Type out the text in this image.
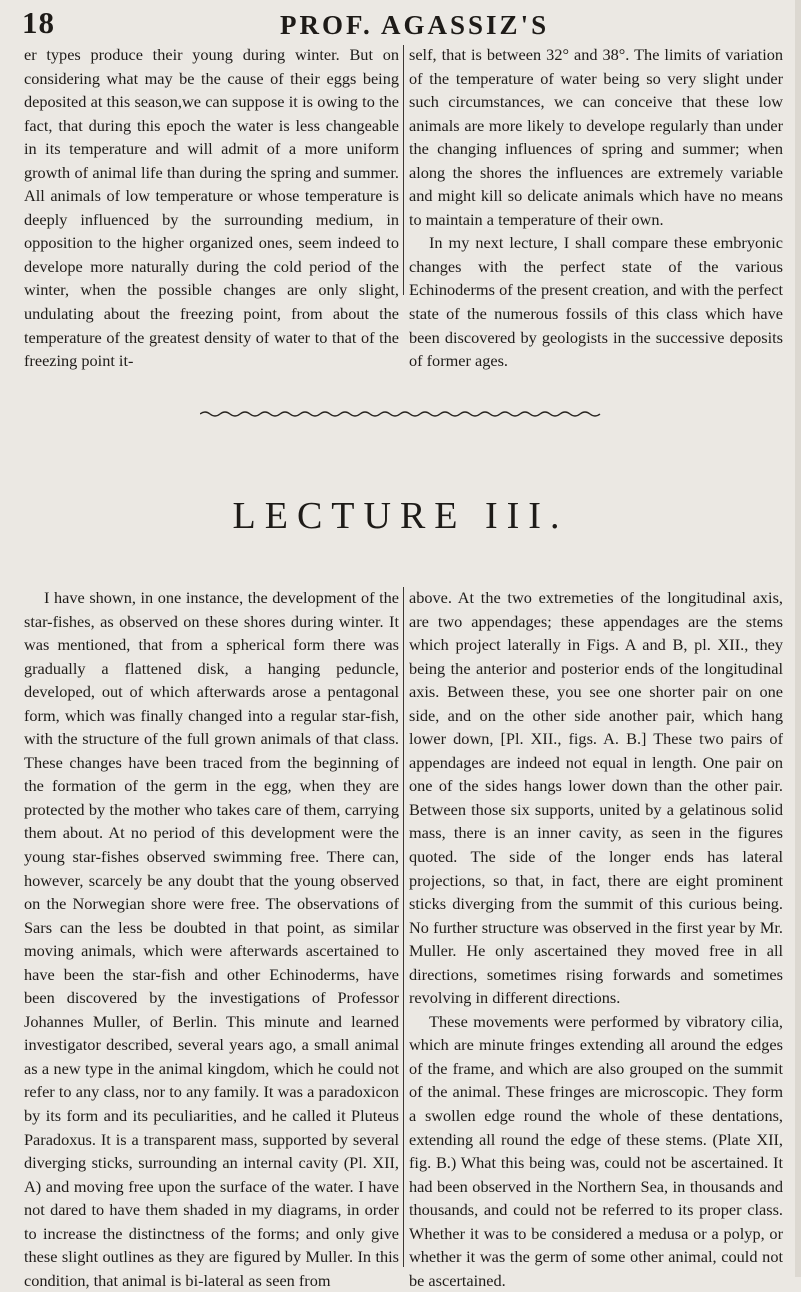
18	PROF. AGASSIZ'S

er types produce their young during winter. But on considering what may be the cause of their eggs being deposited at this season,we can suppose it is owing to the fact, that during this epoch the water is less changeable in its temperature and will admit of a more uniform growth of animal life than during the spring and summer. All animals of low temperature or whose temperature is deeply influenced by the surrounding medium, in opposition to the higher organized ones, seem indeed to develope more naturally during the cold period of the winter, when the possible changes are only slight, undulating about the freezing point, from about the temperature of the greatest density of water to that of the freezing point it-

self, that is between 32° and 38°. The limits of variation of the temperature of water being so very slight under such circumstances, we can conceive that these low animals are more likely to develope regularly than under the changing influences of spring and summer; when along the shores the influences are extremely variable and might kill so delicate animals which have no means to maintain a temperature of their own.

In my next lecture, I shall compare these embryonic changes with the perfect state of the various Echinoderms of the present creation, and with the perfect state of the numerous fossils of this class which have been discovered by geologists in the successive deposits of former ages.

LECTURE III.

I have shown, in one instance, the development of the star-fishes, as observed on these shores during winter. It was mentioned, that from a spherical form there was gradually a flattened disk, a hanging peduncle, developed, out of which afterwards arose a pentagonal form, which was finally changed into a regular star-fish, with the structure of the full grown animals of that class. These changes have been traced from the beginning of the formation of the germ in the egg, when they are protected by the mother who takes care of them, carrying them about. At no period of this development were the young star-fishes observed swimming free. There can, however, scarcely be any doubt that the young observed on the Norwegian shore were free. The observations of Sars can the less be doubted in that point, as similar moving animals, which were afterwards ascertained to have been the star-fish and other Echinoderms, have been discovered by the investigations of Professor Johannes Muller, of Berlin. This minute and learned investigator described, several years ago, a small animal as a new type in the animal kingdom, which he could not refer to any class, nor to any family. It was a paradoxicon by its form and its peculiarities, and he called it Pluteus Paradoxus. It is a transparent mass, supported by several diverging sticks, surrounding an internal cavity (Pl. XII, A) and moving free upon the surface of the water. I have not dared to have them shaded in my diagrams, in order to increase the distinctness of the forms; and only give these slight outlines as they are figured by Muller. In this condition, that animal is bi-lateral as seen from

above. At the two extremeties of the longitudinal axis, are two appendages; these appendages are the stems which project laterally in Figs. A and B, pl. XII., they being the anterior and posterior ends of the longitudinal axis. Between these, you see one shorter pair on one side, and on the other side another pair, which hang lower down, [Pl. XII., figs. A. B.] These two pairs of appendages are indeed not equal in length. One pair on one of the sides hangs lower down than the other pair. Between those six supports, united by a gelatinous solid mass, there is an inner cavity, as seen in the figures quoted. The side of the longer ends has lateral projections, so that, in fact, there are eight prominent sticks diverging from the summit of this curious being. No further structure was observed in the first year by Mr. Muller. He only ascertained they moved free in all directions, sometimes rising forwards and sometimes revolving in different directions.

These movements were performed by vibratory cilia, which are minute fringes extending all around the edges of the frame, and which are also grouped on the summit of the animal. These fringes are microscopic. They form a swollen edge round the whole of these dentations, extending all round the edge of these stems. (Plate XII, fig. B.) What this being was, could not be ascertained. It had been observed in the Northern Sea, in thousands and thousands, and could not be referred to its proper class. Whether it was to be considered a medusa or a polyp, or whether it was the germ of some other animal, could not be ascertained.
